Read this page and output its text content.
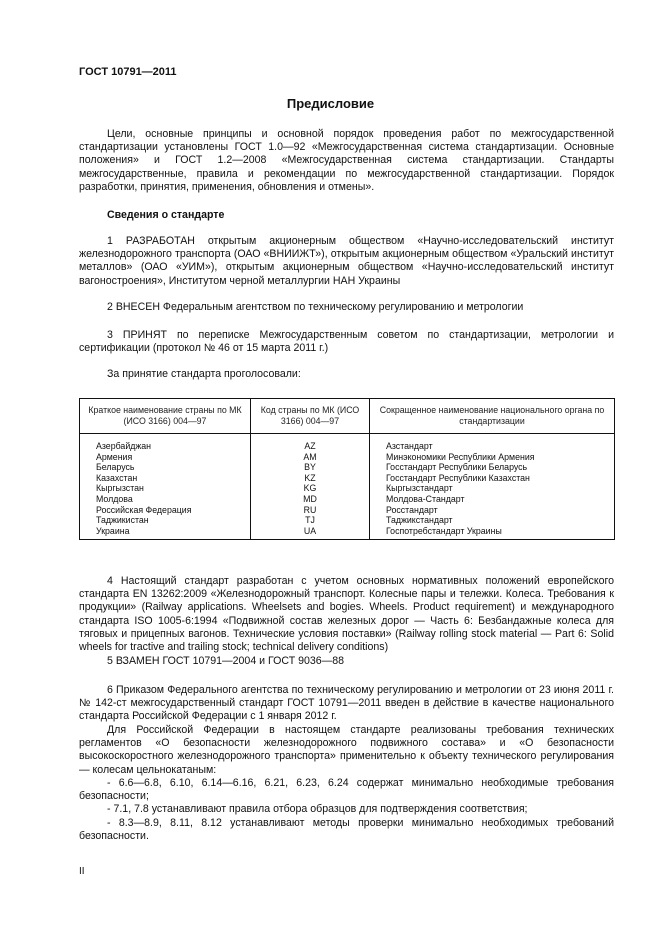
ГОСТ 10791—2011
Предисловие
Цели, основные принципы и основной порядок проведения работ по межгосударственной стандартизации установлены ГОСТ 1.0—92 «Межгосударственная система стандартизации. Основные положения» и ГОСТ 1.2—2008 «Межгосударственная система стандартизации. Стандарты межгосударственные, правила и рекомендации по межгосударственной стандартизации. Порядок разработки, принятия, применения, обновления и отмены».
Сведения о стандарте
1 РАЗРАБОТАН открытым акционерным обществом «Научно-исследовательский институт железнодорожного транспорта (ОАО «ВНИИЖТ»), открытым акционерным обществом «Уральский институт металлов» (ОАО «УИМ»), открытым акционерным обществом «Научно-исследовательский институт вагоностроения», Институтом черной металлургии НАН Украины
2 ВНЕСЕН Федеральным агентством по техническому регулированию и метрологии
3 ПРИНЯТ по переписке Межгосударственным советом по стандартизации, метрологии и сертификации (протокол № 46 от 15 марта 2011 г.)
За принятие стандарта проголосовали:
Краткое наименование страны по МК (ИСО 3166) 004—97	Код страны по МК (ИСО 3166) 004—97	Сокращенное наименование национального органа по стандартизации
Азербайджан	AZ	Азстандарт
Армения	AM	Минэкономики Республики Армения
Беларусь	BY	Госстандарт Республики Беларусь
Казахстан	KZ	Госстандарт Республики Казахстан
Кыргызстан	KG	Кыргызстандарт
Молдова	MD	Молдова-Стандарт
Российская Федерация	RU	Росстандарт
Таджикистан	TJ	Таджикстандарт
Украина	UA	Госпотребстандарт Украины
4 Настоящий стандарт разработан с учетом основных нормативных положений европейского стандарта EN 13262:2009 «Железнодорожный транспорт. Колесные пары и тележки. Колеса. Требования к продукции» (Railway applications. Wheelsets and bogies. Wheels. Product requirement) и международного стандарта ISO 1005-6:1994 «Подвижной состав железных дорог — Часть 6: Безбандажные колеса для тяговых и прицепных вагонов. Технические условия поставки» (Railway rolling stock material — Part 6: Solid wheels for tractive and trailing stock; technical delivery conditions)
5 ВЗАМЕН ГОСТ 10791—2004 и ГОСТ 9036—88
6 Приказом Федерального агентства по техническому регулированию и метрологии от 23 июня 2011 г. № 142-ст межгосударственный стандарт ГОСТ 10791—2011 введен в действие в качестве национального стандарта Российской Федерации с 1 января 2012 г.
Для Российской Федерации в настоящем стандарте реализованы требования технических регламентов «О безопасности железнодорожного подвижного состава» и «О безопасности высокоскоростного железнодорожного транспорта» применительно к объекту технического регулирования — колесам цельнокатаным:

- 6.6—6.8, 6.10, 6.14—6.16, 6.21, 6.23, 6.24 содержат минимально необходимые требования безопасности;

- 7.1, 7.8 устанавливают правила отбора образцов для подтверждения соответствия;

- 8.3—8.9, 8.11, 8.12 устанавливают методы проверки минимально необходимых требований безопасности.

II
